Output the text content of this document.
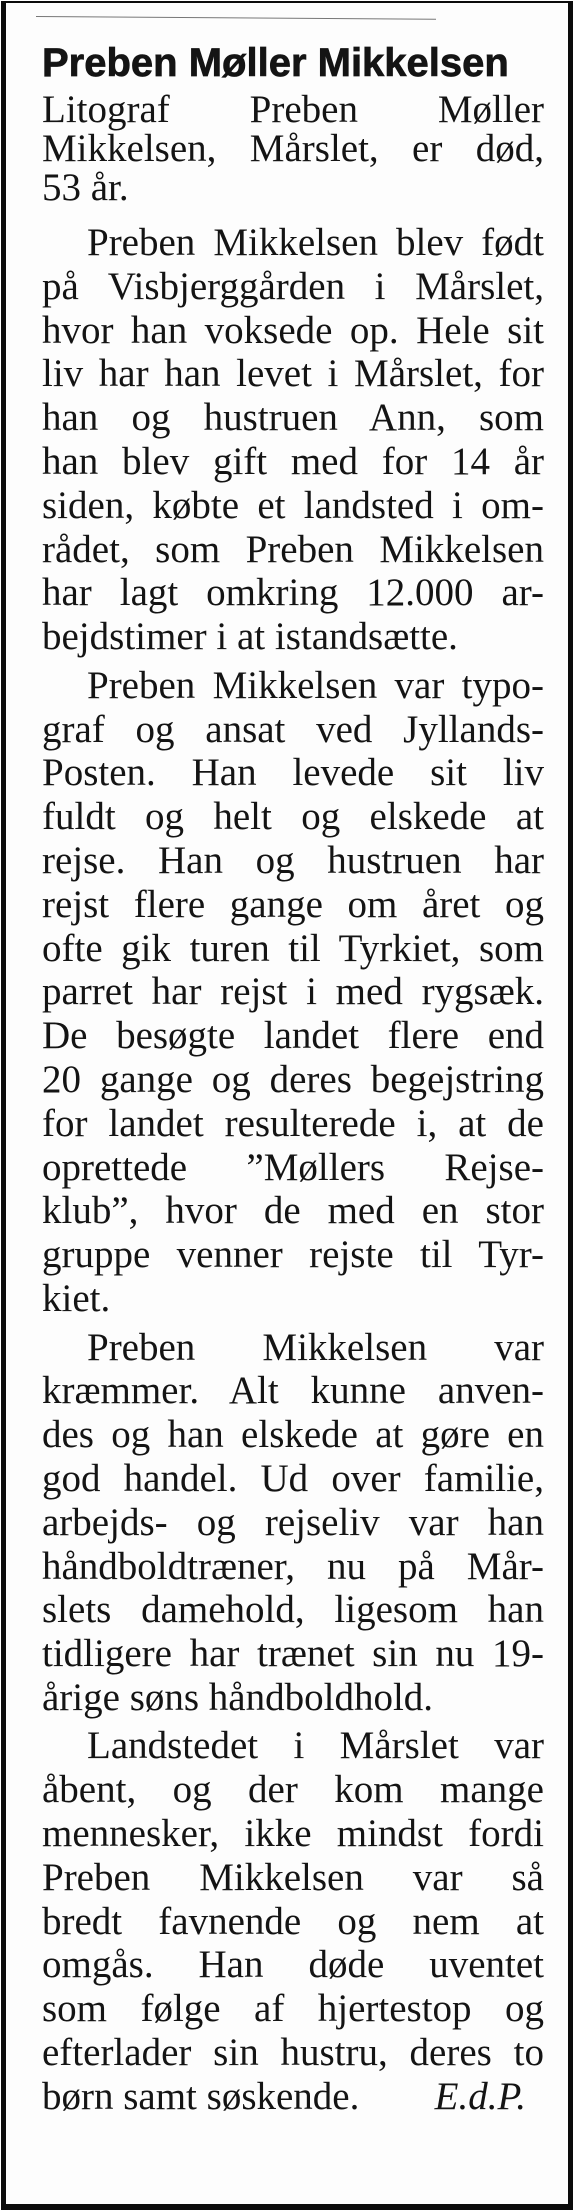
Preben Møller Mikkelsen
Litograf Preben Møller
Mikkelsen, Mårslet, er død,
53 år.
Preben Mikkelsen blev født
på Visbjerggården i Mårslet,
hvor han voksede op. Hele sit
liv har han levet i Mårslet, for
han og hustruen Ann, som
han blev gift med for 14 år
siden, købte et landsted i om-
rådet, som Preben Mikkelsen
har lagt omkring 12.000 ar-
bejdstimer i at istandsætte.
Preben Mikkelsen var typo-
graf og ansat ved Jyllands-
Posten. Han levede sit liv
fuldt og helt og elskede at
rejse. Han og hustruen har
rejst flere gange om året og
ofte gik turen til Tyrkiet, som
parret har rejst i med rygsæk.
De besøgte landet flere end
20 gange og deres begejstring
for landet resulterede i, at de
oprettede ”Møllers Rejse-
klub”, hvor de med en stor
gruppe venner rejste til Tyr-
kiet.
Preben Mikkelsen var
kræmmer. Alt kunne anven-
des og han elskede at gøre en
god handel. Ud over familie,
arbejds- og rejseliv var han
håndboldtræner, nu på Mår-
slets damehold, ligesom han
tidligere har trænet sin nu 19-
årige søns håndboldhold.
Landstedet i Mårslet var
åbent, og der kom mange
mennesker, ikke mindst fordi
Preben Mikkelsen var så
bredt favnende og nem at
omgås. Han døde uventet
som følge af hjertestop og
efterlader sin hustru, deres to
børn samt søskende. E.d.P.
